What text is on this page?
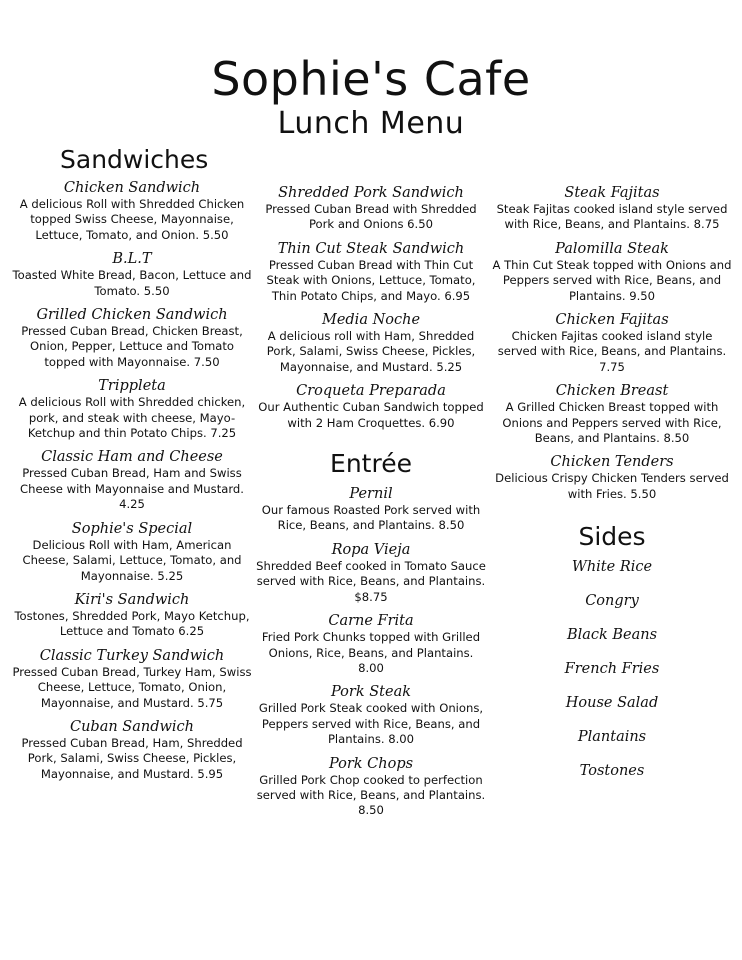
Sophie's Cafe
Lunch Menu
Sandwiches
Chicken Sandwich
A delicious Roll with Shredded Chicken topped Swiss Cheese, Mayonnaise, Lettuce, Tomato, and Onion. 5.50
B.L.T
Toasted White Bread, Bacon, Lettuce and Tomato. 5.50
Grilled Chicken Sandwich
Pressed Cuban Bread, Chicken Breast, Onion, Pepper, Lettuce and Tomato topped with Mayonnaise. 7.50
Trippleta
A delicious Roll with Shredded chicken, pork, and steak with cheese, Mayo-Ketchup and thin Potato Chips. 7.25
Classic Ham and Cheese
Pressed Cuban Bread, Ham and Swiss Cheese with Mayonnaise and Mustard. 4.25
Sophie's Special
Delicious Roll with Ham, American Cheese, Salami, Lettuce, Tomato, and Mayonnaise. 5.25
Kiri's Sandwich
Tostones, Shredded Pork, Mayo Ketchup, Lettuce and Tomato 6.25
Classic Turkey Sandwich
Pressed Cuban Bread, Turkey Ham, Swiss Cheese, Lettuce, Tomato, Onion, Mayonnaise, and Mustard. 5.75
Cuban Sandwich
Pressed Cuban Bread, Ham, Shredded Pork, Salami, Swiss Cheese, Pickles, Mayonnaise, and Mustard. 5.95
Shredded Pork Sandwich
Pressed Cuban Bread with Shredded Pork and Onions 6.50
Thin Cut Steak Sandwich
Pressed Cuban Bread with Thin Cut Steak with Onions, Lettuce, Tomato, Thin Potato Chips, and Mayo. 6.95
Media Noche
A delicious roll with Ham, Shredded Pork, Salami, Swiss Cheese, Pickles, Mayonnaise, and Mustard. 5.25
Croqueta Preparada
Our Authentic Cuban Sandwich topped with 2 Ham Croquettes. 6.90
Entrée
Pernil
Our famous Roasted Pork served with Rice, Beans, and Plantains. 8.50
Ropa Vieja
Shredded Beef cooked in Tomato Sauce served with Rice, Beans, and Plantains. $8.75
Carne Frita
Fried Pork Chunks topped with Grilled Onions, Rice, Beans, and Plantains. 8.00
Pork Steak
Grilled Pork Steak cooked with Onions, Peppers served with Rice, Beans, and Plantains. 8.00
Pork Chops
Grilled Pork Chop cooked to perfection served with Rice, Beans, and Plantains. 8.50
Steak Fajitas
Steak Fajitas cooked island style served with Rice, Beans, and Plantains. 8.75
Palomilla Steak
A Thin Cut Steak topped with Onions and Peppers served with Rice, Beans, and Plantains. 9.50
Chicken Fajitas
Chicken Fajitas cooked island style served with Rice, Beans, and Plantains. 7.75
Chicken Breast
A Grilled Chicken Breast topped with Onions and Peppers served with Rice, Beans, and Plantains. 8.50
Chicken Tenders
Delicious Crispy Chicken Tenders served with Fries. 5.50
Sides
White Rice
Congry
Black Beans
French Fries
House Salad
Plantains
Tostones
